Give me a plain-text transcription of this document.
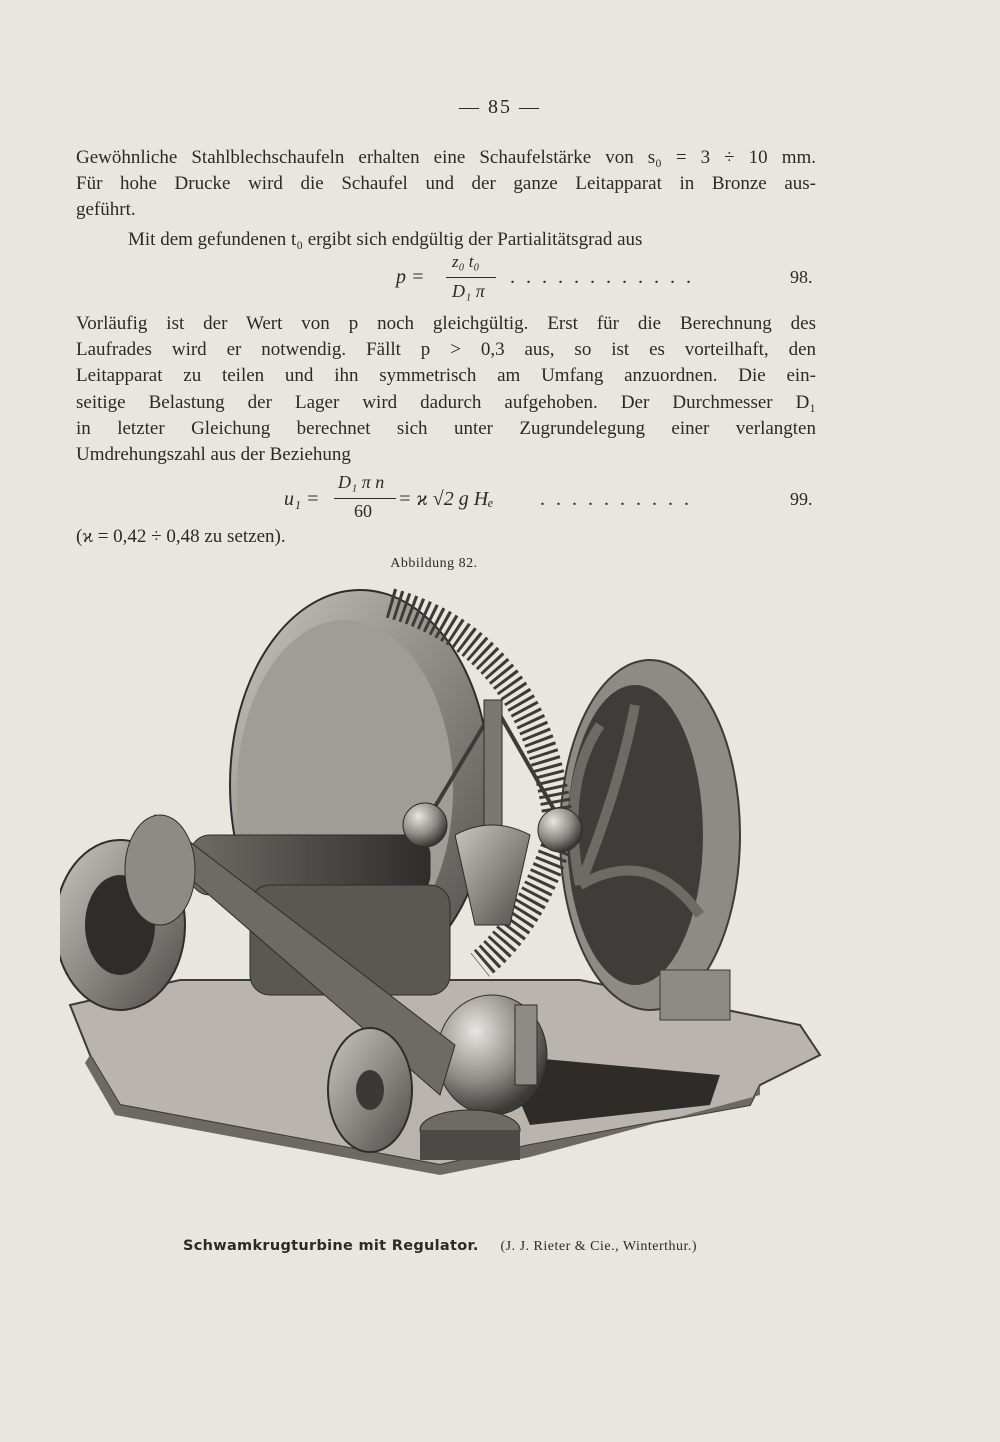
— 85 —
Gewöhnliche Stahlblechschaufeln erhalten eine Schaufelstärke von s₀ = 3 ÷ 10 mm.
Für hohe Drucke wird die Schaufel und der ganze Leitapparat in Bronze aus-
geführt.
Mit dem gefundenen t₀ ergibt sich endgültig der Partialitätsgrad aus
p =
z₀ t₀
D₁ π
. . . . . . . . . . . .	98.
Vorläufig ist der Wert von p noch gleichgültig. Erst für die Berechnung des
Laufrades wird er notwendig. Fällt p > 0,3 aus, so ist es vorteilhaft, den
Leitapparat zu teilen und ihn symmetrisch am Umfang anzuordnen. Die ein-
seitige Belastung der Lager wird dadurch aufgehoben. Der Durchmesser D₁
in letzter Gleichung berechnet sich unter Zugrundelegung einer verlangten
Umdrehungszahl aus der Beziehung
u₁ =
D₁ π n
60
= ϰ √2 g Hₑ . . . . . . . . . .	99.
(ϰ = 0,42 ÷ 0,48 zu setzen).
Abbildung 82.
Schwamkrugturbine mit Regulator. (J. J. Rieter & Cie., Winterthur.)
